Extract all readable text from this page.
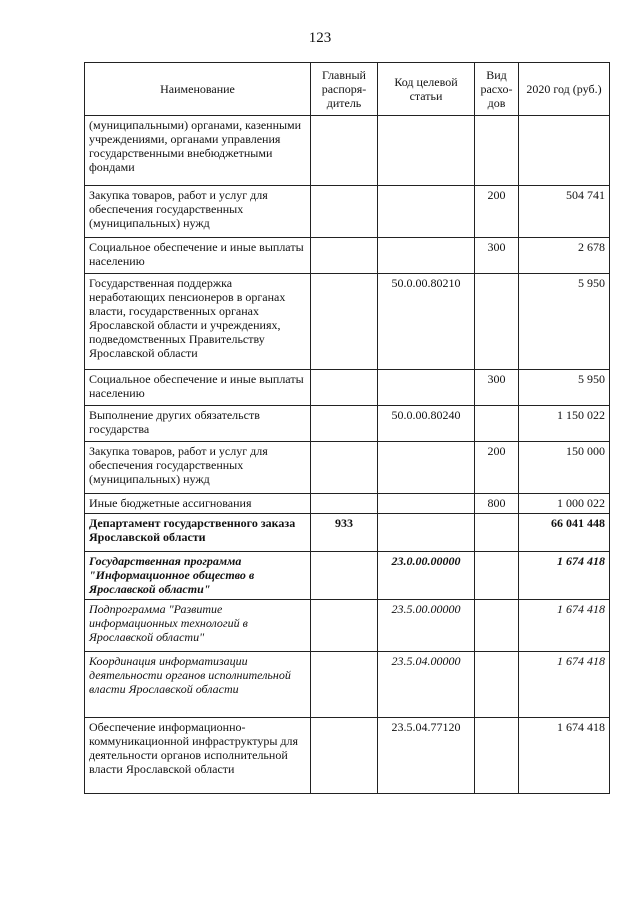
123
Наименование	Главный распоря-дитель	Код целевой статьи	Вид расхо-дов	2020 год (руб.)
(муниципальными) органами, казенными учреждениями, органами управления государственными внебюджетными фондами				
Закупка товаров, работ и услуг для обеспечения государственных (муниципальных) нужд			200	504 741
Социальное обеспечение и иные выплаты населению			300	2 678
Государственная поддержка неработающих пенсионеров в органах власти, государственных органах Ярославской области и учреждениях, подведомственных Правительству Ярославской области		50.0.00.80210		5 950
Социальное обеспечение и иные выплаты населению			300	5 950
Выполнение других обязательств государства		50.0.00.80240		1 150 022
Закупка товаров, работ и услуг для обеспечения государственных (муниципальных) нужд			200	150 000
Иные бюджетные ассигнования			800	1 000 022
Департамент государственного заказа Ярославской области	933			66 041 448
Государственная программа "Информационное общество в Ярославской области"		23.0.00.00000		1 674 418
Подпрограмма "Развитие информационных технологий в Ярославской области"		23.5.00.00000		1 674 418
Координация информатизации деятельности органов исполнительной власти Ярославской области		23.5.04.00000		1 674 418
Обеспечение информационно-коммуникационной инфраструктуры для деятельности органов исполнительной власти Ярославской области		23.5.04.77120		1 674 418
